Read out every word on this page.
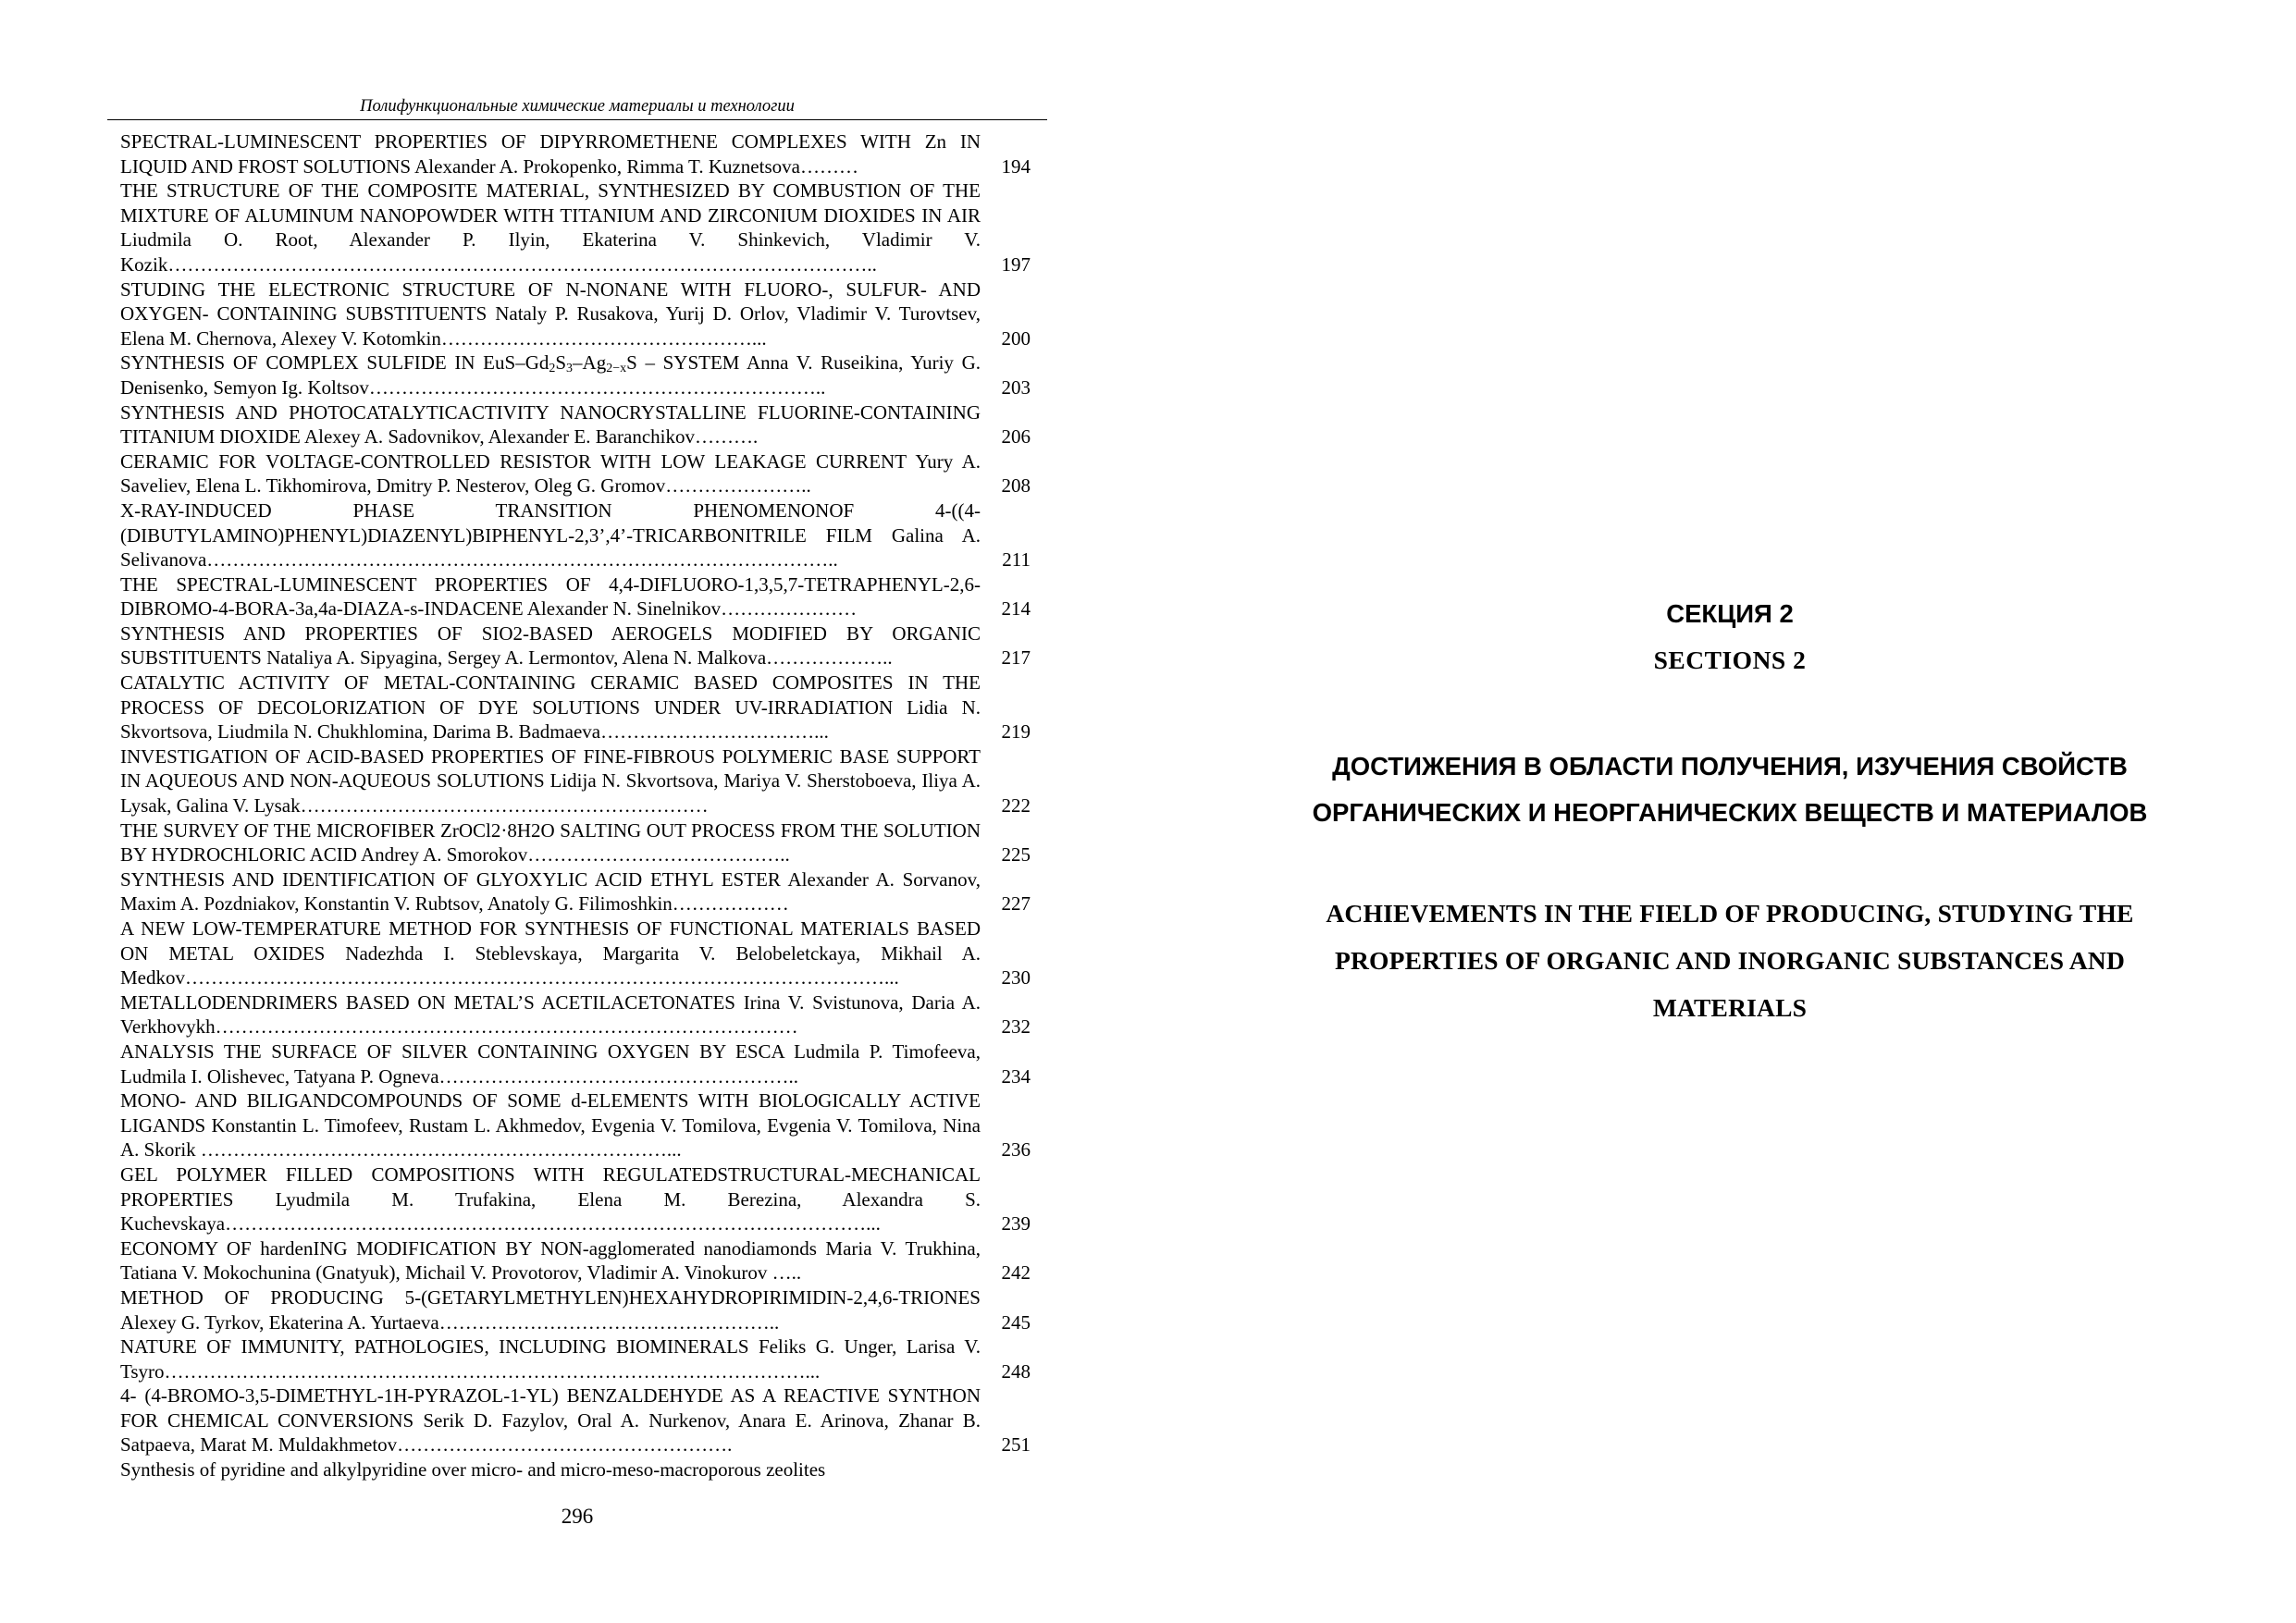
Полифункциональные химические материалы и технологии
SPECTRAL-LUMINESCENT PROPERTIES OF DIPYRROMETHENE COMPLEXES WITH Zn IN LIQUID AND FROST SOLUTIONS Alexander A. Prokopenko, Rimma T. Kuznetsova………	194
THE STRUCTURE OF THE COMPOSITE MATERIAL, SYNTHESIZED BY COMBUSTION OF THE MIXTURE OF ALUMINUM NANOPOWDER WITH TITANIUM AND ZIRCONIUM DIOXIDES IN AIR Liudmila O. Root, Alexander P. Ilyin, Ekaterina V. Shinkevich, Vladimir V. Kozik………………………………………………………………………………………………..	197
STUDING THE ELECTRONIC STRUCTURE OF N-NONANE WITH FLUORO-, SULFUR- AND OXYGEN- CONTAINING SUBSTITUENTS Nataly P. Rusakova, Yurij D. Orlov, Vladimir V. Turovtsev, Elena M. Chernova, Alexey V. Kotomkin…………………………………………...	200
SYNTHESIS OF COMPLEX SULFIDE IN EuS–$Gd_2S_3-Ag_{2-x}S$ – SYSTEM Anna V. Ruseikina, Yuriy G. Denisenko, Semyon Ig. Koltsov……………………………………………………………..	203
SYNTHESIS AND PHOTOCATALYTICACTIVITY NANOCRYSTALLINE FLUORINE-CONTAINING TITANIUM DIOXIDE Alexey A. Sadovnikov, Alexander E. Baranchikov……….	206
CERAMIC FOR VOLTAGE-CONTROLLED RESISTOR WITH LOW LEAKAGE CURRENT Yury A. Saveliev, Elena L. Tikhomirova, Dmitry P. Nesterov, Oleg G. Gromov…………………..	208
X-RAY-INDUCED PHASE TRANSITION PHENOMENONOF 4-((4-(DIBUTYLAMINO)PHENYL)DIAZENYL)BIPHENYL-2,3’,4’-TRICARBONITRILE FILM Galina A. Selivanova……………………………………………………………………………………..	211
THE SPECTRAL-LUMINESCENT PROPERTIES OF 4,4-DIFLUORO-1,3,5,7-TETRAPHENYL-2,6-DIBROMO-4-BORA-3a,4a-DIAZA-s-INDACENE Alexander N. Sinelnikov…………………	214
SYNTHESIS AND PROPERTIES OF SIO2-BASED AEROGELS MODIFIED BY ORGANIC SUBSTITUENTS Nataliya A. Sipyagina, Sergey A. Lermontov, Alena N. Malkova………………..	217
CATALYTIC ACTIVITY OF METAL-CONTAINING CERAMIC BASED COMPOSITES IN THE PROCESS OF DECOLORIZATION OF DYE SOLUTIONS UNDER UV-IRRADIATION Lidia N. Skvortsova, Liudmila N. Chukhlomina, Darima B. Badmaeva……………………………...	219
INVESTIGATION OF ACID-BASED PROPERTIES OF FINE-FIBROUS POLYMERIC BASE SUPPORT IN AQUEOUS AND NON-AQUEOUS SOLUTIONS Lidija N. Skvortsova, Mariya V. Sherstoboeva, Iliya A. Lysak, Galina V. Lysak………………………………………………………	222
THE SURVEY OF THE MICROFIBER ZrOCl2·8H2O SALTING OUT PROCESS FROM THE SOLUTION BY HYDROCHLORIC ACID Andrey A. Smorokov…………………………………..	225
SYNTHESIS AND IDENTIFICATION OF GLYOXYLIC ACID ETHYL ESTER Alexander A. Sorvanov, Maxim A. Pozdniakov, Konstantin V. Rubtsov, Anatoly G. Filimoshkin………………	227
A NEW LOW-TEMPERATURE METHOD FOR SYNTHESIS OF FUNCTIONAL MATERIALS BASED ON METAL OXIDES Nadezhda I. Steblevskaya, Margarita V. Belobeletckaya, Mikhail A. Medkov………………………………………………………………………………………………...	230
METALLODENDRIMERS BASED ON METAL’S ACETILACETONATES Irina V. Svistunova, Daria A. Verkhovykh………………………………………………………………………………	232
ANALYSIS THE SURFACE OF SILVER CONTAINING OXYGEN BY ESCA Ludmila P. Timofeeva, Ludmila I. Olishevec, Tatyana P. Ogneva………………………………………………..	234
MONO- AND BILIGANDCOMPOUNDS OF SOME d-ELEMENTS WITH BIOLOGICALLY ACTIVE LIGANDS Konstantin L. Timofeev, Rustam L. Akhmedov, Evgenia V. Tomilova, Evgenia V. Tomilova, Nina A. Skorik ………………………………………………………………...	236
GEL POLYMER FILLED COMPOSITIONS WITH REGULATEDSTRUCTURAL-MECHANICAL PROPERTIES Lyudmila M. Trufakina, Elena M. Berezina, Alexandra S. Kuchevskaya………………………………………………………………………………………...	239
ECONOMY OF hardenING MODIFICATION BY NON-agglomerated nanodiamonds Maria V. Trukhina, Tatiana V. Mokochunina (Gnatyuk), Michail V. Provotorov, Vladimir A. Vinokurov …..	242
METHOD OF PRODUCING 5-(GETARYLMETHYLEN)HEXAHYDROPIRIMIDIN-2,4,6-TRIONES Alexey G. Tyrkov, Ekaterina A. Yurtaeva……………………………………………..	245
NATURE OF IMMUNITY, PATHOLOGIES, INCLUDING BIOMINERALS Feliks G. Unger, Larisa V. Tsyro………………………………………………………………………………………...	248
4- (4-BROMO-3,5-DIMETHYL-1H-PYRAZOL-1-YL) BENZALDEHYDE AS A REACTIVE SYNTHON FOR CHEMICAL CONVERSIONS Serik D. Fazylov, Oral A. Nurkenov, Anara E. Arinova, Zhanar B. Satpaeva, Marat M. Muldakhmetov…………………………………………….	251
Synthesis of pyridine and alkylpyridine over micro- and micro-meso-macroporous zeolites
296
СЕКЦИЯ 2
SECTIONS 2
ДОСТИЖЕНИЯ В ОБЛАСТИ ПОЛУЧЕНИЯ, ИЗУЧЕНИЯ СВОЙСТВ
ОРГАНИЧЕСКИХ И НЕОРГАНИЧЕСКИХ ВЕЩЕСТВ И МАТЕРИАЛОВ
ACHIEVEMENTS IN THE FIELD OF PRODUCING, STUDYING THE
PROPERTIES OF ORGANIC AND INORGANIC SUBSTANCES AND
MATERIALS
